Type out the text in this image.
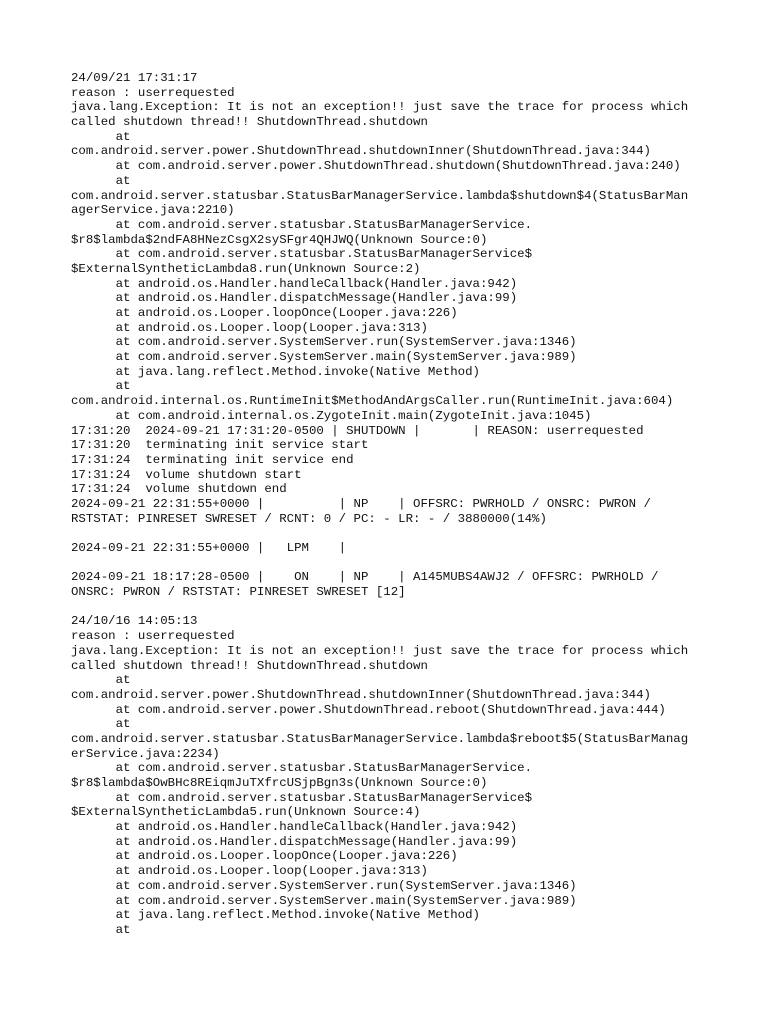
24/09/21 17:31:17
reason : userrequested
java.lang.Exception: It is not an exception!! just save the trace for process which
called shutdown thread!! ShutdownThread.shutdown
at
com.android.server.power.ShutdownThread.shutdownInner(ShutdownThread.java:344)
at com.android.server.power.ShutdownThread.shutdown(ShutdownThread.java:240)
at
com.android.server.statusbar.StatusBarManagerService.lambda$shutdown$4(StatusBarMan
agerService.java:2210)
at com.android.server.statusbar.StatusBarManagerService.
$r8$lambda$2ndFA8HNezCsgX2sySFgr4QHJWQ(Unknown Source:0)
at com.android.server.statusbar.StatusBarManagerService$
$ExternalSyntheticLambda8.run(Unknown Source:2)
at android.os.Handler.handleCallback(Handler.java:942)
at android.os.Handler.dispatchMessage(Handler.java:99)
at android.os.Looper.loopOnce(Looper.java:226)
at android.os.Looper.loop(Looper.java:313)
at com.android.server.SystemServer.run(SystemServer.java:1346)
at com.android.server.SystemServer.main(SystemServer.java:989)
at java.lang.reflect.Method.invoke(Native Method)
at
com.android.internal.os.RuntimeInit$MethodAndArgsCaller.run(RuntimeInit.java:604)
at com.android.internal.os.ZygoteInit.main(ZygoteInit.java:1045)
17:31:20  2024-09-21 17:31:20-0500 | SHUTDOWN |       | REASON: userrequested
17:31:20  terminating init service start
17:31:24  terminating init service end
17:31:24  volume shutdown start
17:31:24  volume shutdown end
2024-09-21 22:31:55+0000 |          | NP    | OFFSRC: PWRHOLD / ONSRC: PWRON /
RSTSTAT: PINRESET SWRESET / RCNT: 0 / PC: - LR: - / 3880000(14%)
2024-09-21 22:31:55+0000 |   LPM    |
2024-09-21 18:17:28-0500 |    ON    | NP    | A145MUBS4AWJ2 / OFFSRC: PWRHOLD /
ONSRC: PWRON / RSTSTAT: PINRESET SWRESET [12]
24/10/16 14:05:13
reason : userrequested
java.lang.Exception: It is not an exception!! just save the trace for process which
called shutdown thread!! ShutdownThread.shutdown
at
com.android.server.power.ShutdownThread.shutdownInner(ShutdownThread.java:344)
at com.android.server.power.ShutdownThread.reboot(ShutdownThread.java:444)
at
com.android.server.statusbar.StatusBarManagerService.lambda$reboot$5(StatusBarManag
erService.java:2234)
at com.android.server.statusbar.StatusBarManagerService.
$r8$lambda$OwBHc8REiqmJuTXfrcUSjpBgn3s(Unknown Source:0)
at com.android.server.statusbar.StatusBarManagerService$
$ExternalSyntheticLambda5.run(Unknown Source:4)
at android.os.Handler.handleCallback(Handler.java:942)
at android.os.Handler.dispatchMessage(Handler.java:99)
at android.os.Looper.loopOnce(Looper.java:226)
at android.os.Looper.loop(Looper.java:313)
at com.android.server.SystemServer.run(SystemServer.java:1346)
at com.android.server.SystemServer.main(SystemServer.java:989)
at java.lang.reflect.Method.invoke(Native Method)
at
